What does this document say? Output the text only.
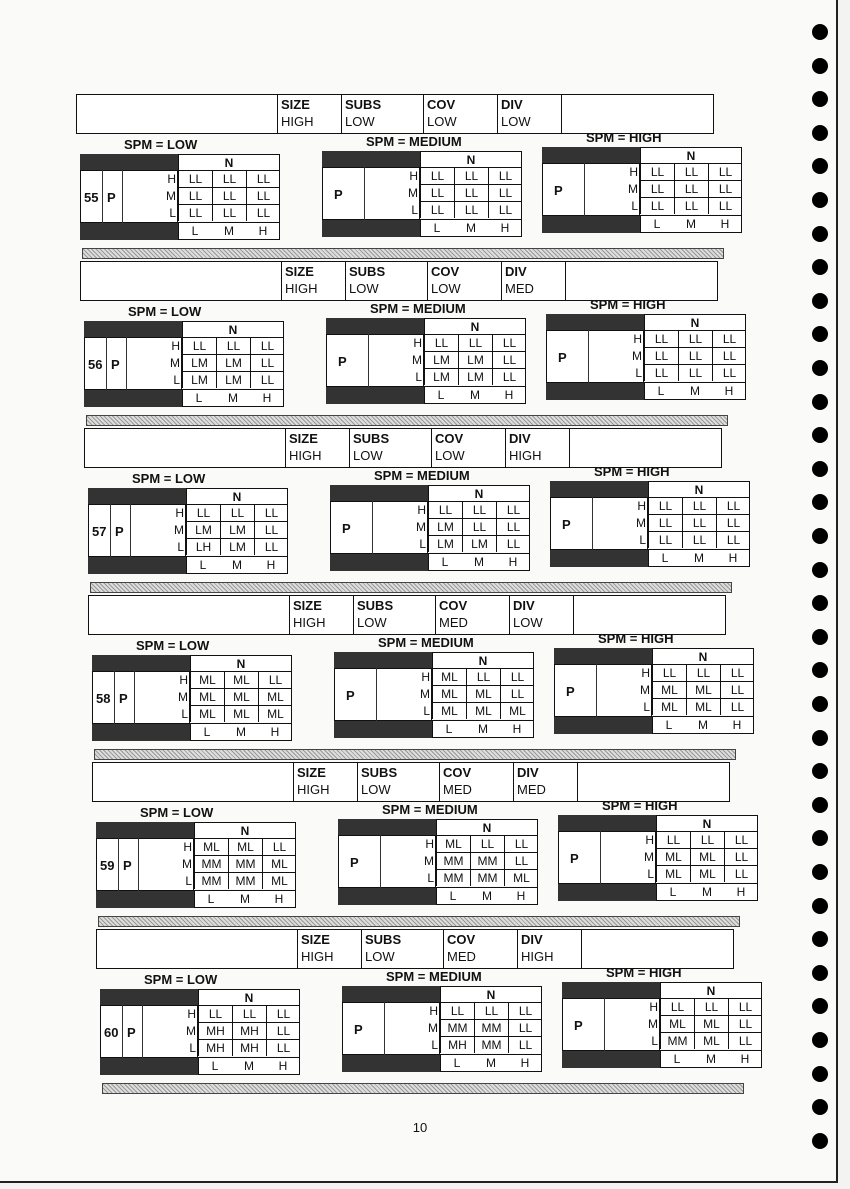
SIZE
HIGH
SUBS
LOW
COV
LOW
DIV
LOW
SPM = LOW
N
55 P
H	LL	LL	LL
M	LL	LL	LL
L	LL	LL	LL
L	M	H
SPM = MEDIUM
N
P
H	LL	LL	LL
M	LL	LL	LL
L	LL	LL	LL
L	M	H
SPM = HIGH
N
P
H	LL	LL	LL
M	LL	LL	LL
L	LL	LL	LL
L	M	H
SIZE
HIGH
SUBS
LOW
COV
LOW
DIV
MED
SPM = LOW
N
56 P
H	LL	LL	LL
M LM	LM	LL
L LM	LM	LL
L	M	H
SPM = MEDIUM
N
P
H	LL	LL	LL
M LM	LM	LL
L LM	LM	LL
L	M	H
SPM = HIGH
N
P
H	LL	LL	LL
M	LL	LL	LL
L	LL	LL	LL
L	M	H
SIZE
HIGH
SUBS
LOW
COV
LOW
DIV
HIGH
SPM = LOW
N
57 P
H	LL	LL	LL
M LM	LM	LL
L LH	LM	LL
L	M	H
SPM = MEDIUM
N
P
H	LL	LL	LL
M LM	LL	LL
L LM	LM	LL
L	M	H
SPM = HIGH
N
P
H	LL	LL	LL
M	LL	LL	LL
L	LL	LL	LL
L	M	H
SIZE
HIGH
SUBS
LOW
COV
MED
DIV
LOW
SPM = LOW
N
58 P
H ML	ML	LL
M ML	ML	ML
L ML	ML	ML
L	M	H
SPM = MEDIUM
N
P
H ML	LL	LL
M ML	ML	LL
L ML	ML	ML
L	M	H
SPM = HIGH
N
P
H	LL	LL	LL
M ML	ML	LL
L ML	ML	LL
L	M	H
SIZE
HIGH
SUBS
LOW
COV
MED
DIV
MED
SPM = LOW
N
59 P
H ML	ML	LL
M MM	MM	ML
L MM	MM	ML
L	M	H
SPM = MEDIUM
N
P
H ML	LL	LL
M MM	MM	LL
L MM	MM	ML
L	M	H
SPM = HIGH
N
P
H	LL	LL	LL
M ML	ML	LL
L ML	ML	LL
L	M	H
SIZE
HIGH
SUBS
LOW
COV
MED
DIV
HIGH
SPM = LOW
N
60 P
H	LL	LL	LL
M MH	MH	LL
L MH	MH	LL
L	M	H
SPM = MEDIUM
N
P
H	LL	LL	LL
M MM	MM	LL
L MH	MM	LL
L	M	H
SPM = HIGH
N
P
H	LL	LL	LL
M ML	ML	LL
L MM	ML	LL
L	M	H
10
